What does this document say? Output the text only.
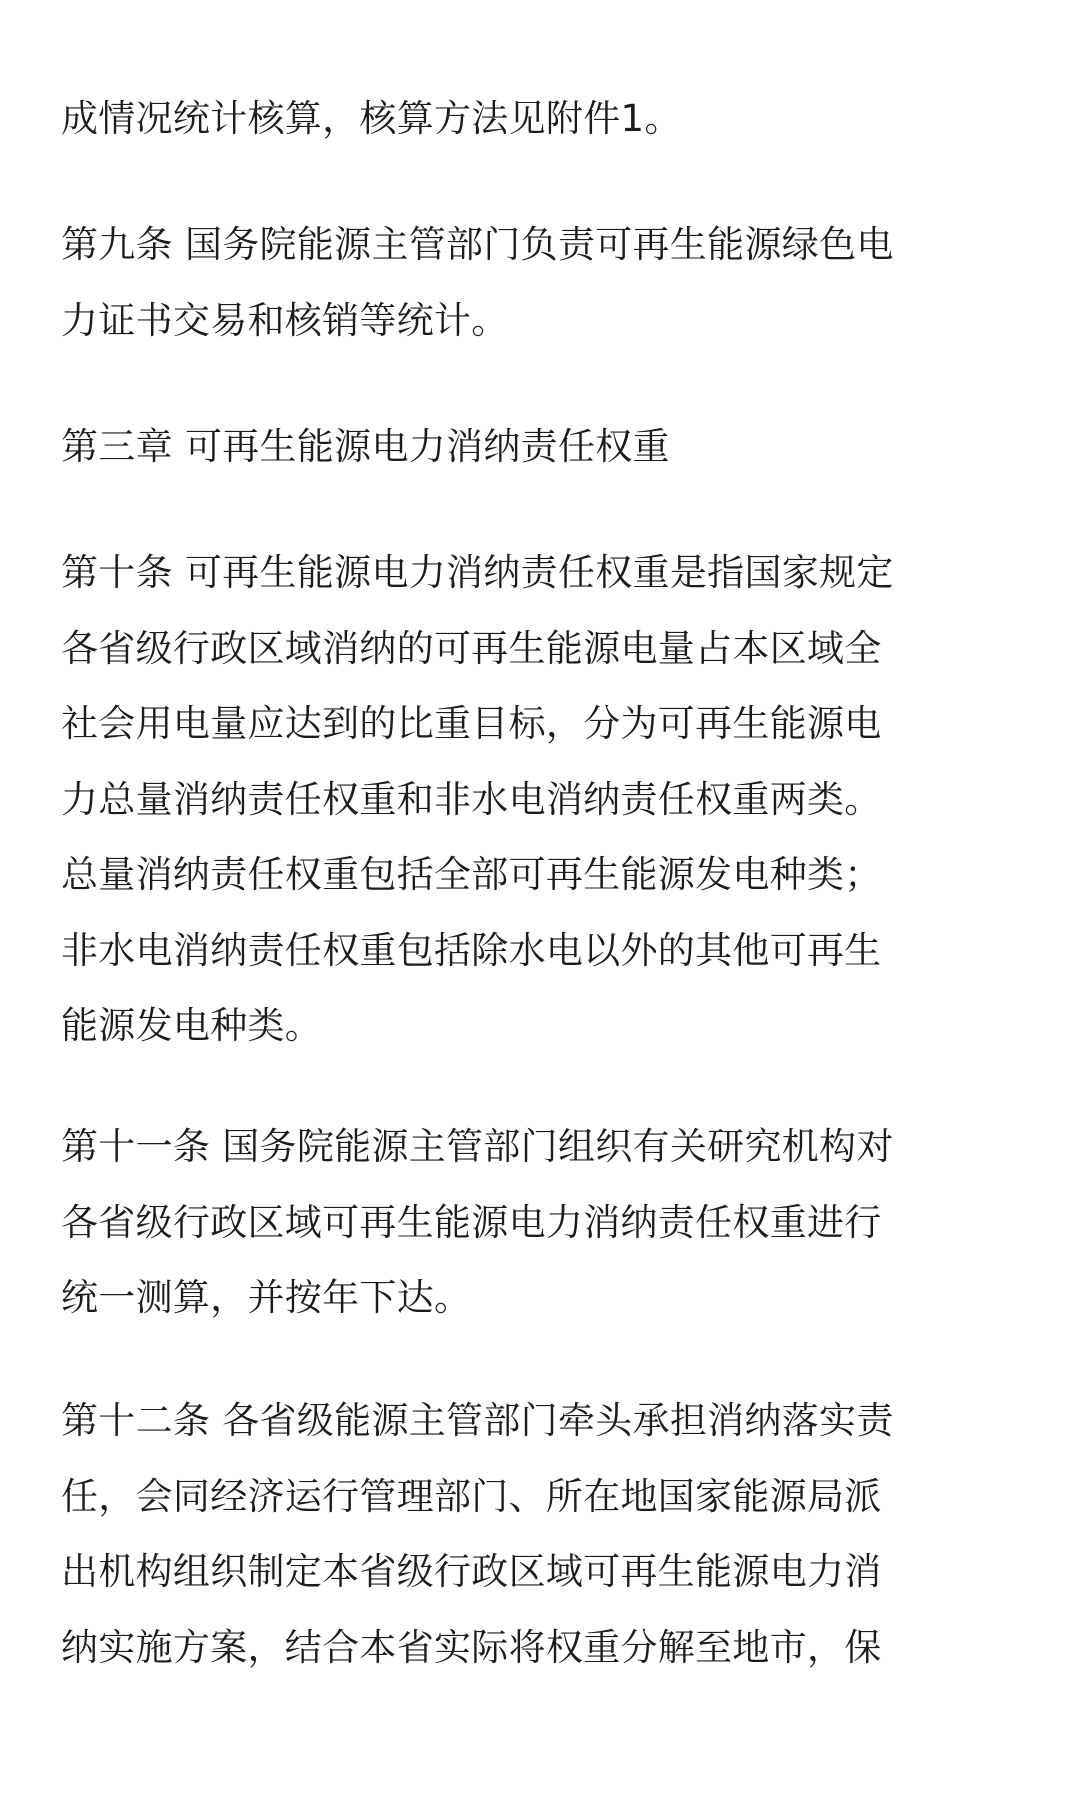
成情况统计核算，核算方法见附件1。

第九条 国务院能源主管部门负责可再生能源绿色电
力证书交易和核销等统计。

第三章 可再生能源电力消纳责任权重

第十条 可再生能源电力消纳责任权重是指国家规定
各省级行政区域消纳的可再生能源电量占本区域全
社会用电量应达到的比重目标，分为可再生能源电
力总量消纳责任权重和非水电消纳责任权重两类。
总量消纳责任权重包括全部可再生能源发电种类；
非水电消纳责任权重包括除水电以外的其他可再生
能源发电种类。

第十一条 国务院能源主管部门组织有关研究机构对
各省级行政区域可再生能源电力消纳责任权重进行
统一测算，并按年下达。

第十二条 各省级能源主管部门牵头承担消纳落实责
任，会同经济运行管理部门、所在地国家能源局派
出机构组织制定本省级行政区域可再生能源电力消
纳实施方案，结合本省实际将权重分解至地市，保
